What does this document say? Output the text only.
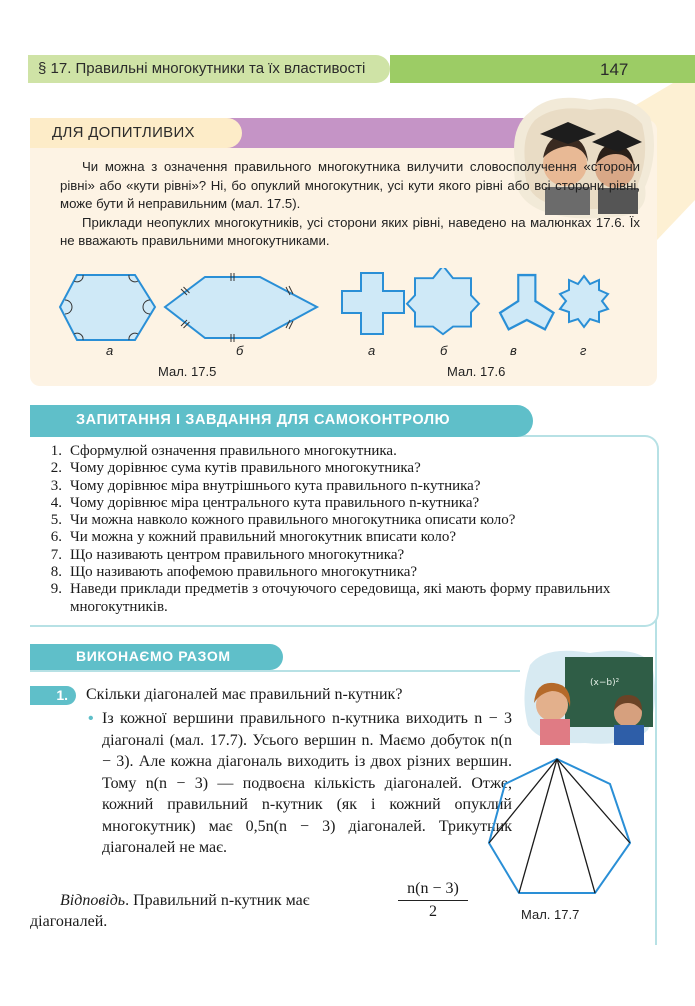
§ 17. Правильні многокутники та їх властивості	147
ДЛЯ ДОПИТЛИВИХ

Чи можна з означення правильного многокутника вилучити словосполучення «сторони рівні» або «кути рівні»? Ні, бо опуклий многокутник, усі кути якого рівні або всі сторони рівні, може бути й неправильним (мал. 17.5).

Приклади неопуклих многокутників, усі сторони яких рівні, наведено на малюнках 17.6. Їх не вважають правильними многокутниками.

а	б
Мал. 17.5
а	б	в	г
Мал. 17.6
ЗАПИТАННЯ І ЗАВДАННЯ ДЛЯ САМОКОНТРОЛЮ
1. Сформулюй означення правильного многокутника.
2. Чому дорівнює сума кутів правильного многокутника?
3. Чому дорівнює міра внутрішнього кута правильного n-кутника?
4. Чому дорівнює міра центрального кута правильного n-кутника?
5. Чи можна навколо кожного правильного многокутника описати коло?
6. Чи можна у кожний правильний многокутник вписати коло?
7. Що називають центром правильного многокутника?
8. Що називають апофемою правильного многокутника?
9. Наведи приклади предметів з оточуючого середовища, які мають форму правильних многокутників.
ВИКОНАЄМО РАЗОМ
(x−b)²
1.	Скільки діагоналей має правильний n-кутник?
• Із кожної вершини правильного n-кутника виходить n − 3 діагоналі (мал. 17.7). Усього вершин n. Маємо добуток n(n − 3). Але кожна діагональ виходить із двох різних вершин. Тому n(n − 3) — подвоєна кількість діагоналей. Отже, кожний правильний n-кутник (як і кожний опуклий многокутник) має 0,5n(n − 3) діагоналей. Трикутник діагоналей не має.
Відповідь. Правильний n-кутник має
діагоналей.
$\frac{n(n - 3)}{2}$	Мал. 17.7
